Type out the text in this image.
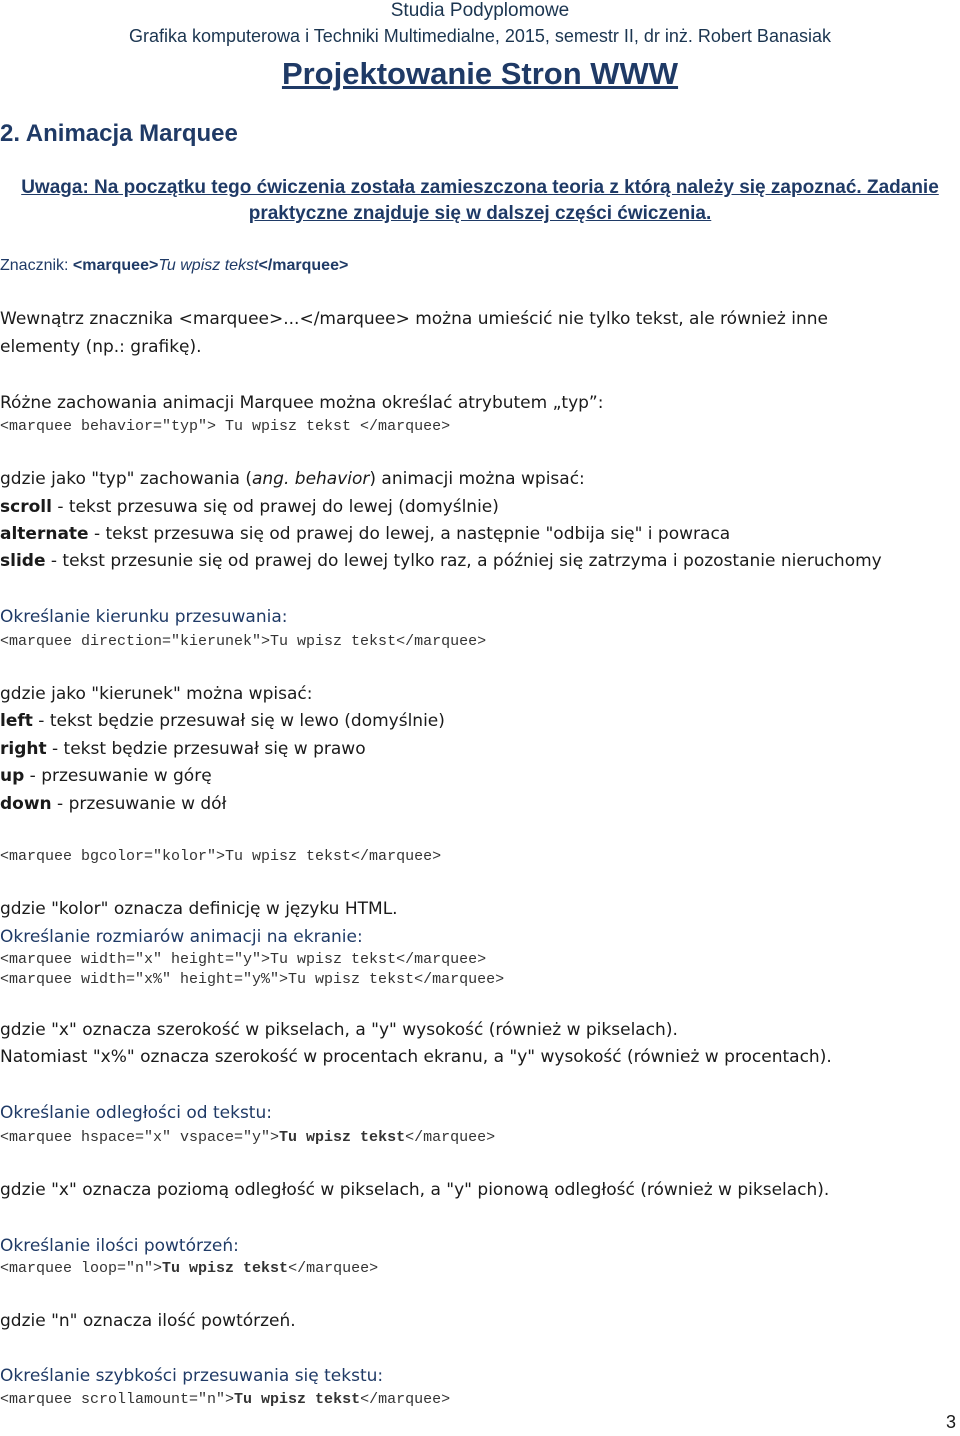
Studia Podyplomowe
Grafika komputerowa i Techniki Multimedialne, 2015, semestr II, dr inż. Robert Banasiak
Projektowanie Stron WWW
2. Animacja Marquee
Uwaga: Na początku tego ćwiczenia została zamieszczona teoria z którą należy się zapoznać. Zadanie praktyczne znajduje się w dalszej części ćwiczenia.
Znacznik: <marquee>Tu wpisz tekst</marquee>
Wewnątrz znacznika <marquee>...</marquee> można umieścić nie tylko tekst, ale również inne
elementy (np.: grafikę).
Różne zachowania animacji Marquee można określać atrybutem „typ”:
<marquee behavior="typ"> Tu wpisz tekst </marquee>
gdzie jako "typ" zachowania (ang. behavior) animacji można wpisać:
scroll - tekst przesuwa się od prawej do lewej (domyślnie)
alternate - tekst przesuwa się od prawej do lewej, a następnie "odbija się" i powraca
slide - tekst przesunie się od prawej do lewej tylko raz, a później się zatrzyma i pozostanie nieruchomy
Określanie kierunku przesuwania:
<marquee direction="kierunek">Tu wpisz tekst</marquee>
gdzie jako "kierunek" można wpisać:
left - tekst będzie przesuwał się w lewo (domyślnie)
right - tekst będzie przesuwał się w prawo
up - przesuwanie w górę
down - przesuwanie w dół
<marquee bgcolor="kolor">Tu wpisz tekst</marquee>
gdzie "kolor" oznacza definicję w języku HTML.
Określanie rozmiarów animacji na ekranie:
<marquee width="x" height="y">Tu wpisz tekst</marquee>
<marquee width="x%" height="y%">Tu wpisz tekst</marquee>
gdzie "x" oznacza szerokość w pikselach, a "y" wysokość (również w pikselach).
Natomiast "x%" oznacza szerokość w procentach ekranu, a "y" wysokość (również w procentach).
Określanie odległości od tekstu:
<marquee hspace="x" vspace="y">Tu wpisz tekst</marquee>
gdzie "x" oznacza poziomą odległość w pikselach, a "y" pionową odległość (również w pikselach).
Określanie ilości powtórzeń:
<marquee loop="n">Tu wpisz tekst</marquee>
gdzie "n" oznacza ilość powtórzeń.
Określanie szybkości przesuwania się tekstu:
<marquee scrollamount="n">Tu wpisz tekst</marquee>
3
